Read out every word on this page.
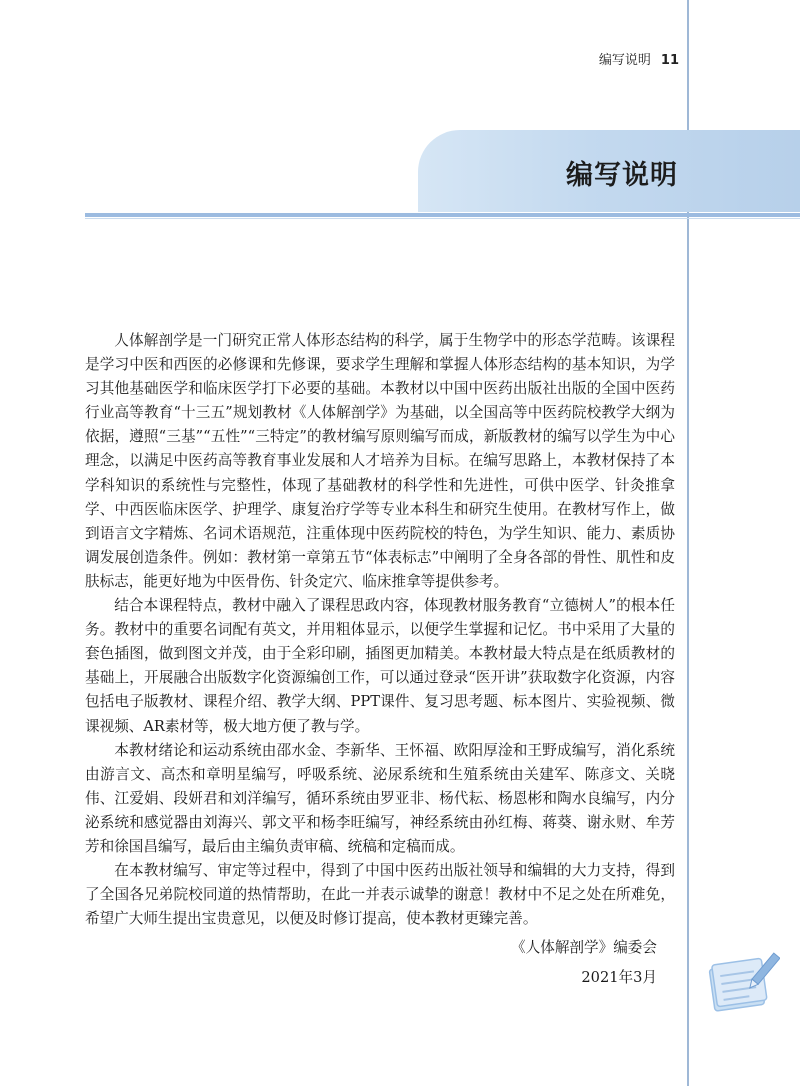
编写说明 11
编写说明

人体解剖学是一门研究正常人体形态结构的科学，属于生物学中的形态学范畴。该课程是学习中医和西医的必修课和先修课，要求学生理解和掌握人体形态结构的基本知识，为学习其他基础医学和临床医学打下必要的基础。本教材以中国中医药出版社出版的全国中医药行业高等教育“十三五”规划教材《人体解剖学》为基础，以全国高等中医药院校教学大纲为依据，遵照“三基”“五性”“三特定”的教材编写原则编写而成，新版教材的编写以学生为中心理念，以满足中医药高等教育事业发展和人才培养为目标。在编写思路上，本教材保持了本学科知识的系统性与完整性，体现了基础教材的科学性和先进性，可供中医学、针灸推拿学、中西医临床医学、护理学、康复治疗学等专业本科生和研究生使用。在教材写作上，做到语言文字精炼、名词术语规范，注重体现中医药院校的特色，为学生知识、能力、素质协调发展创造条件。例如：教材第一章第五节“体表标志”中阐明了全身各部的骨性、肌性和皮肤标志，能更好地为中医骨伤、针灸定穴、临床推拿等提供参考。

结合本课程特点，教材中融入了课程思政内容，体现教材服务教育“立德树人”的根本任务。教材中的重要名词配有英文，并用粗体显示，以便学生掌握和记忆。书中采用了大量的套色插图，做到图文并茂，由于全彩印刷，插图更加精美。本教材最大特点是在纸质教材的基础上，开展融合出版数字化资源编创工作，可以通过登录“医开讲”获取数字化资源，内容包括电子版教材、课程介绍、教学大纲、PPT课件、复习思考题、标本图片、实验视频、微课视频、AR素材等，极大地方便了教与学。

本教材绪论和运动系统由邵水金、李新华、王怀福、欧阳厚淦和王野成编写，消化系统由游言文、高杰和章明星编写，呼吸系统、泌尿系统和生殖系统由关建军、陈彦文、关晓伟、江爱娟、段妍君和刘洋编写，循环系统由罗亚非、杨代耘、杨恩彬和陶水良编写，内分泌系统和感觉器由刘海兴、郭文平和杨李旺编写，神经系统由孙红梅、蒋葵、谢永财、牟芳芳和徐国昌编写，最后由主编负责审稿、统稿和定稿而成。

在本教材编写、审定等过程中，得到了中国中医药出版社领导和编辑的大力支持，得到了全国各兄弟院校同道的热情帮助，在此一并表示诚挚的谢意！教材中不足之处在所难免，希望广大师生提出宝贵意见，以便及时修订提高，使本教材更臻完善。

《人体解剖学》编委会
2021年3月
